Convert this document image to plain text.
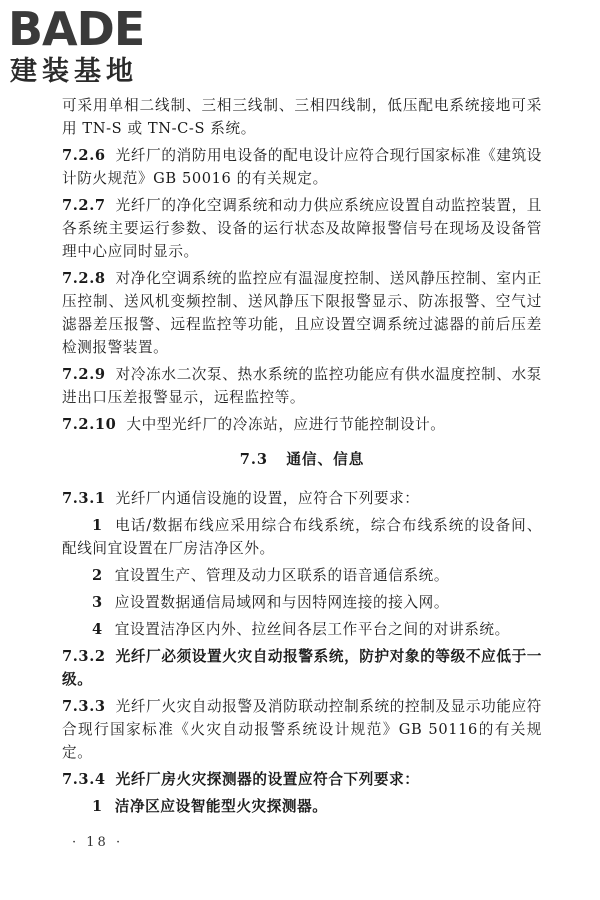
BADE
建装基地

可采用单相二线制、三相三线制、三相四线制，低压配电系统接地可采用 TN-S 或 TN-C-S 系统。

7.2.6 光纤厂的消防用电设备的配电设计应符合现行国家标准《建筑设计防火规范》GB 50016 的有关规定。

7.2.7 光纤厂的净化空调系统和动力供应系统应设置自动监控装置，且各系统主要运行参数、设备的运行状态及故障报警信号在现场及设备管理中心应同时显示。

7.2.8 对净化空调系统的监控应有温湿度控制、送风静压控制、室内正压控制、送风机变频控制、送风静压下限报警显示、防冻报警、空气过滤器差压报警、远程监控等功能，且应设置空调系统过滤器的前后压差检测报警装置。

7.2.9 对冷冻水二次泵、热水系统的监控功能应有供水温度控制、水泵进出口压差报警显示，远程监控等。

7.2.10 大中型光纤厂的冷冻站，应进行节能控制设计。

7.3 通信、信息

7.3.1 光纤厂内通信设施的设置，应符合下列要求：

1 电话/数据布线应采用综合布线系统，综合布线系统的设备间、配线间宜设置在厂房洁净区外。

2 宜设置生产、管理及动力区联系的语音通信系统。

3 应设置数据通信局域网和与因特网连接的接入网。

4 宜设置洁净区内外、拉丝间各层工作平台之间的对讲系统。

7.3.2 光纤厂必须设置火灾自动报警系统，防护对象的等级不应低于一级。

7.3.3 光纤厂火灾自动报警及消防联动控制系统的控制及显示功能应符合现行国家标准《火灾自动报警系统设计规范》GB 50116的有关规定。

7.3.4 光纤厂房火灾探测器的设置应符合下列要求：

1 洁净区应设智能型火灾探测器。

· 18 ·
